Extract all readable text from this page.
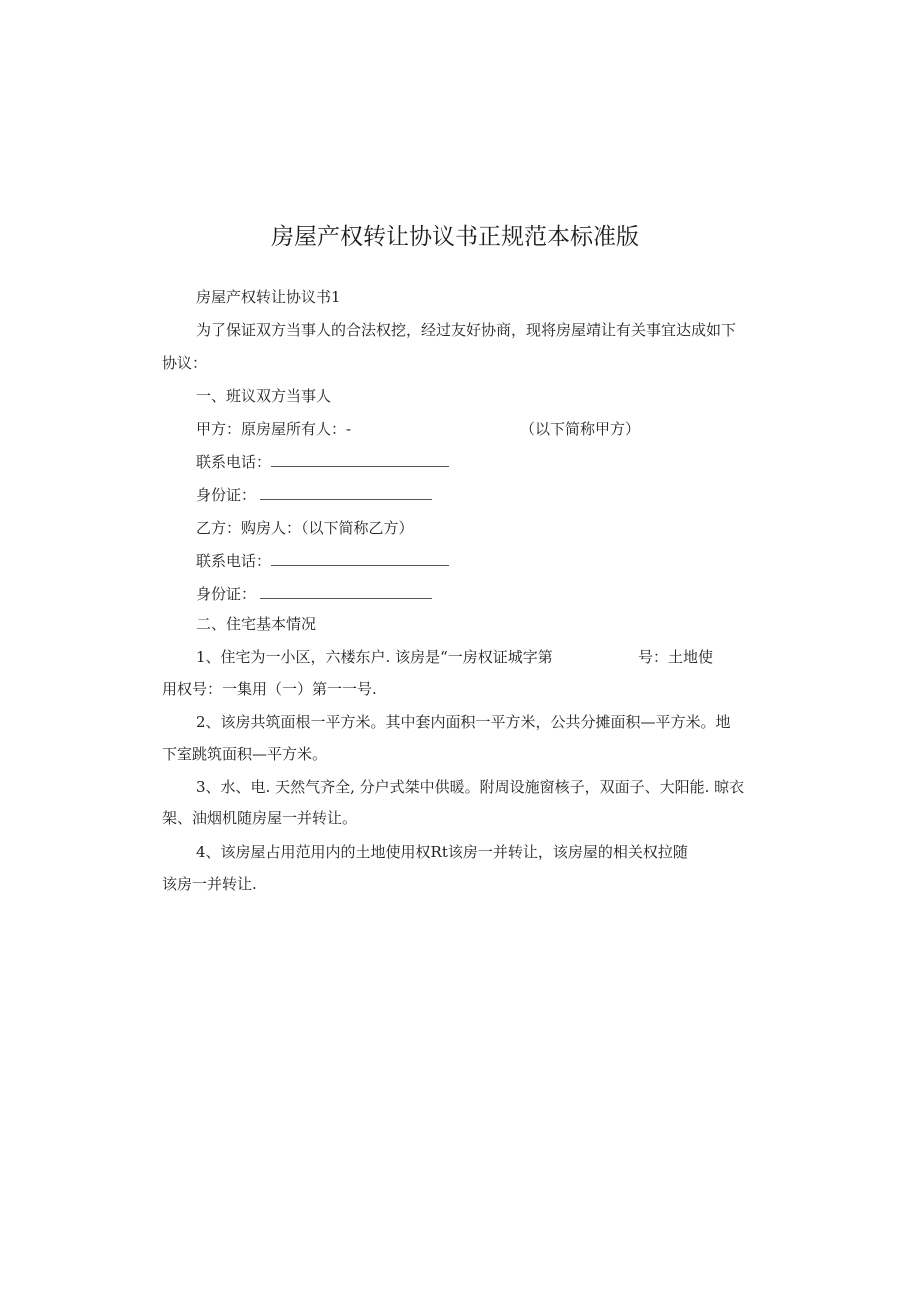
房屋产权转让协议书正规范本标准版
房屋产权转让协议书1
为了保证双方当事人的合法权挖，经过友好协商，现将房屋靖让有关事宜达成如下
协议：
一、班议双方当事人
甲方：原房屋所有人：-	（以下简称甲方）
联系电话：
身份证：
乙方：购房人：（以下简称乙方）
联系电话：
身份证：
二、住宅基本情况
1、住宅为一小区，六楼东户. 该房是“一房权证城字第	号：土地使
用权号：一集用（一）第一一号.
2、该房共筑面根一平方米。其中套内面积一平方米，公共分摊面积—平方米。地
下室跳筑面积—平方米。
3、水、电. 天然气齐全, 分户式桀中供暖。附周设施窗核子，双面子、大阳能. 晾衣
架、油烟机随房屋一并转让。
4、该房屋占用范用内的土地使用权Rt该房一并转让，该房屋的相关权拉随
该房一并转让.
